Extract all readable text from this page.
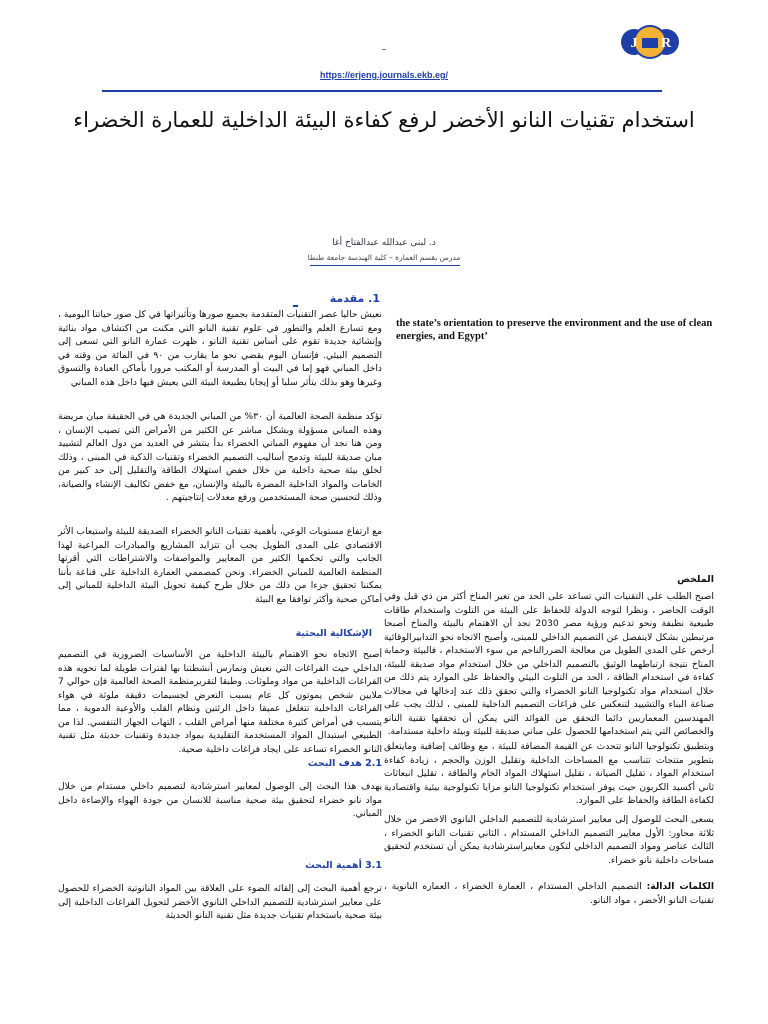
J R
–
https://erjeng.journals.ekb.eg/
استخدام تقنيات النانو الأخضر لرفع كفاءة البيئة الداخلية للعمارة الخضراء
د. لبنى عبدالله عبدالفتاح أغا
مدرس بقسم العمارة – كلية الهندسة جامعة طنطا
1. مقدمة

نعيش حاليا عصر التقنيات المتقدمة بجميع صورها وتأثيراتها في كل صور حياتنا اليومية ، ومع تسارع العلم والتطور في علوم تقنية النانو التي مكنت من اكتشاف مواد بنائية وإنشائية جديدة تقوم على أساس تقنية النانو ، ظهرت عمارة النانو التي تسعى إلى التصميم البيئي. فإنسان اليوم يقضي نحو ما يقارب من ٩٠ في المائة من وقته في داخل المباني فهو إما في البيت أو المدرسة أو المكتب مرورا بأماكن العبادة والتسوق وغيرها وهو بذلك يتأثر سلبا أو إيجابا بطبيعة البيئة التي يعيش فيها داخل هذه المباني

تؤكد منظمة الصحة العالمية أن ٣٠% من المباني الجديدة هي في الحقيقة مبان مريضة وهذه المباني مسؤولة وبشكل مباشر عن الكثير من الأمراض التي تصيب الإنسان ، ومن هنا نجد أن مفهوم المباني الخضراء بدأ ينتشر في العديد من دول العالم لتشييد مبان صديقة للبيئة وتدمج أساليب التصميم الخضراء وتقنيات الذكية في المبنى ، وذلك لخلق بيئة صحية داخلية من خلال خفض استهلاك الطاقة والتقليل إلى حد كبير من الخامات والمواد الداخلية المضرة بالبيئة والإنسان، مع خفض تكاليف الإنشاء والصيانة، وذلك لتحسين صحة المستخدمين ورفع معدلات إنتاجيتهم .

مع ارتفاع مستويات الوعي، بأهمية تقنيات النانو الخضراء الصديقة للبيئة واستيعاب الأثر الاقتصادي على المدى الطويل يجب أن تتزايد المشاريع والمبادرات المراعية لهذا الجانب والتي تحكمها الكثير من المعايير والمواصفات والاشتراطات التي أقرتها المنظمة العالمية للمباني الخضراء. ونحن كمصممي العمارة الداخلية على قناعة بأننا يمكننا تحقيق جزءا من ذلك من خلال طرح كيفية تحويل البيئة الداخلية للمباني إلى أماكن صحية وأكثر توافقا مع البيئة

الإشكالية البحثية

أصبح الاتجاه نحو الاهتمام بالبيئة الداخلية من الأساسيات الضرورية في التصميم الداخلي حيث الفراغات التي نعيش ونمارس أنشطتنا بها لفترات طويلة لما تحويه هذه الفراغات الداخلية من مواد وملوثات. وطبقا لتقريرمنظمة الصحة العالمية فإن حوالي 7 ملايين شخص يموتون كل عام بسبب التعرض لجسيمات دقيقة ملوثة في هواء الفراغات الداخلية تتغلغل عميقا داخل الرئتين ونظام القلب والأوعية الدموية ، مما يتسبب في أمراض كثيرة مختلفة منها أمراض القلب ، التهاب الجهاز التنفسي. لذا من الطبيعي استبدال المواد المستخدمة التقليدية بمواد جديدة وتقنيات حديثة مثل تقنية النانو الخضراء تساعد على ايجاد فراغات داخلية صحية.

2.1 هدف البحث

يهدف هذا البحث إلى الوصول لمعايير استرشادية لتصميم داخلي مستدام من خلال مواد نانو خضراء لتحقيق بيئة صحية مناسبة للانسان من جودة الهواء والإضاءة داخل المباني.

3.1 أهمية البحث

ترجع أهمية البحث إلى إلقائه الضوء على العلاقة بين المواد النانوتية الخضراء للحصول على معايير استرشادية للتصميم الداخلي النانوي الأخضر لتحويل الفراغات الداخلية إلى بيئة صحية باستخدام تقنيات جديدة مثل تقنية النانو الحديثة

the state’s orientation to preserve the environment and the use of clean energies, and Egypt’
الملخص

اصبح الطلب على التقنيات التي تساعد على الحد من تغير المناخ أكثر من ذي قبل وفي الوقت الحاضر ، ونظرا لتوجه الدولة للحفاظ على البيئة من التلوث واستخدام طاقات طبيعية نظيفة ونحو تدعيم ورؤية مصر 2030 نجد أن الاهتمام بالبيئة والمناخ أصبحا مرتبطين بشكل لاينفصل عن التصميم الداخلي للمبنى، وأصبح الاتجاه نحو التدابيرالوقائية أرخص على المدى الطويل من معالجة الضررالناجم من سوء الاستخدام ، فالبيئة وحماية المناخ نتيجة ارتباطهما الوثيق بالتصميم الداخلي من خلال استخدام مواد صديقة للبيئة، كفاءة في استخدام الطاقة ، الحد من التلوث البيئي والحفاظ على الموارد يتم ذلك من خلال استخدام مواد تكنولوجيا النانو الخضراء والتي تحقق ذلك عند إدخالها في مجالات صناعة البناء والتشييد لتنعكس على فراغات التصميم الداخلية للمبنى ، لذلك يجب على المهندسين المعماريين دائما التحقق من الفوائد التي يمكن أن تحققها تقنية النانو والخصائص التي يتم استخدامها للحصول على مباني صديقة للبيئة وبيئة داخلية مستدامة.

وبتطبيق تكنولوجيا النانو تتحدث عن القيمة المضافة للبيئة ، مع وظائف إضافية ومايتعلق بتطوير منتجات تتناسب مع المساحات الداخلية وتقليل الوزن والحجم ، زيادة كفاءة استخدام المواد ، تقليل الصيانة ، تقليل استهلاك المواد الخام والطاقة ، تقليل انبعاثات ثاني أكسيد الكربون حيث يوفر استخدام تكنولوجيا النانو مزايا تكنولوجية بيئية واقتصادية لكفاءة الطاقة والحفاظ على الموارد.

يسعى البحث للوصول إلى معايير استرشادية للتصميم الداخلي النانوي الاخضر من خلال ثلاثة محاور: الأول معايير التصميم الداخلي المستدام ، الثاني تقنيات النانو الخضراء ، الثالث عناصر ومواد التصميم الداخلي لتكون معاييراسترشادية يمكن أن تستخدم لتحقيق مساحات داخلية نانو خضراء.

الكلمات الدالة: التصميم الداخلي المستدام ، العمارة الخضراء ، العماره النانوية ، تقنيات النانو الأخضر ، مواد النانو.
